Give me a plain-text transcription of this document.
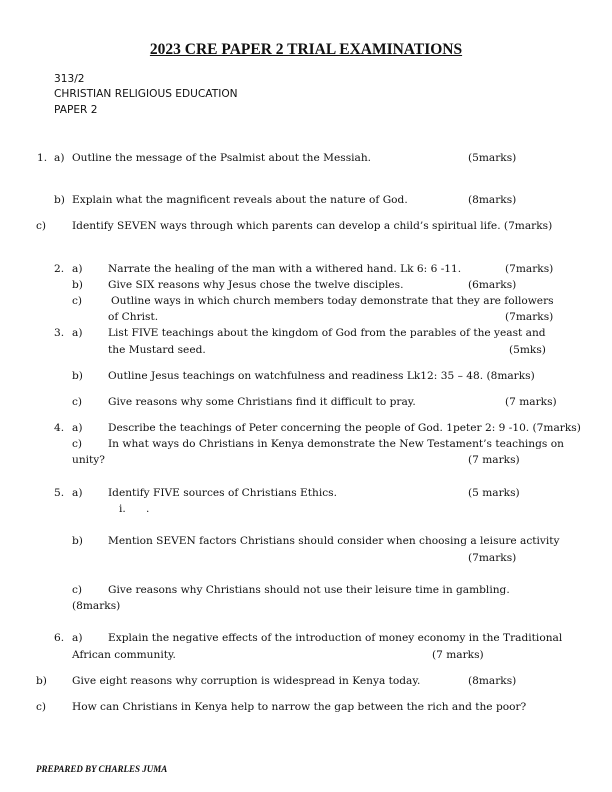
2023 CRE PAPER 2 TRIAL EXAMINATIONS
313/2
CHRISTIAN RELIGIOUS EDUCATION
PAPER 2
1. a) Outline the message of the Psalmist about the Messiah.	(5marks)
b) Explain what the magnificent reveals about the nature of God.	(8marks)
c) Identify SEVEN ways through which parents can develop a child’s spiritual life. (7marks)
2. a) Narrate the healing of the man with a withered hand. Lk 6: 6 -11.	(7marks)
b) Give SIX reasons why Jesus chose the twelve disciples.	(6marks)
c)	Outline ways in which church members today demonstrate that they are followers
of Christ.	(7marks)
3. a) List FIVE teachings about the kingdom of God from the parables of the yeast and
the Mustard seed.	(5mks)
b) Outline Jesus teachings on watchfulness and readiness Lk12: 35 – 48. (8marks)
c) Give reasons why some Christians find it difficult to pray.	(7 marks)
4. a) Describe the teachings of Peter concerning the people of God. 1peter 2: 9 -10. (7marks)
c) In what ways do Christians in Kenya demonstrate the New Testament’s teachings on
unity?	(7 marks)
5. a) Identify FIVE sources of Christians Ethics.	(5 marks)
i.      .
b) Mention SEVEN factors Christians should consider when choosing a leisure activity
(7marks)
c) Give reasons why Christians should not use their leisure time in gambling.
(8marks)
6. a) Explain the negative effects of the introduction of money economy in the Traditional
African community.	(7 marks)
b) Give eight reasons why corruption is widespread in Kenya today.	(8marks)
c) How can Christians in Kenya help to narrow the gap between the rich and the poor?
PREPARED BY CHARLES JUMA
